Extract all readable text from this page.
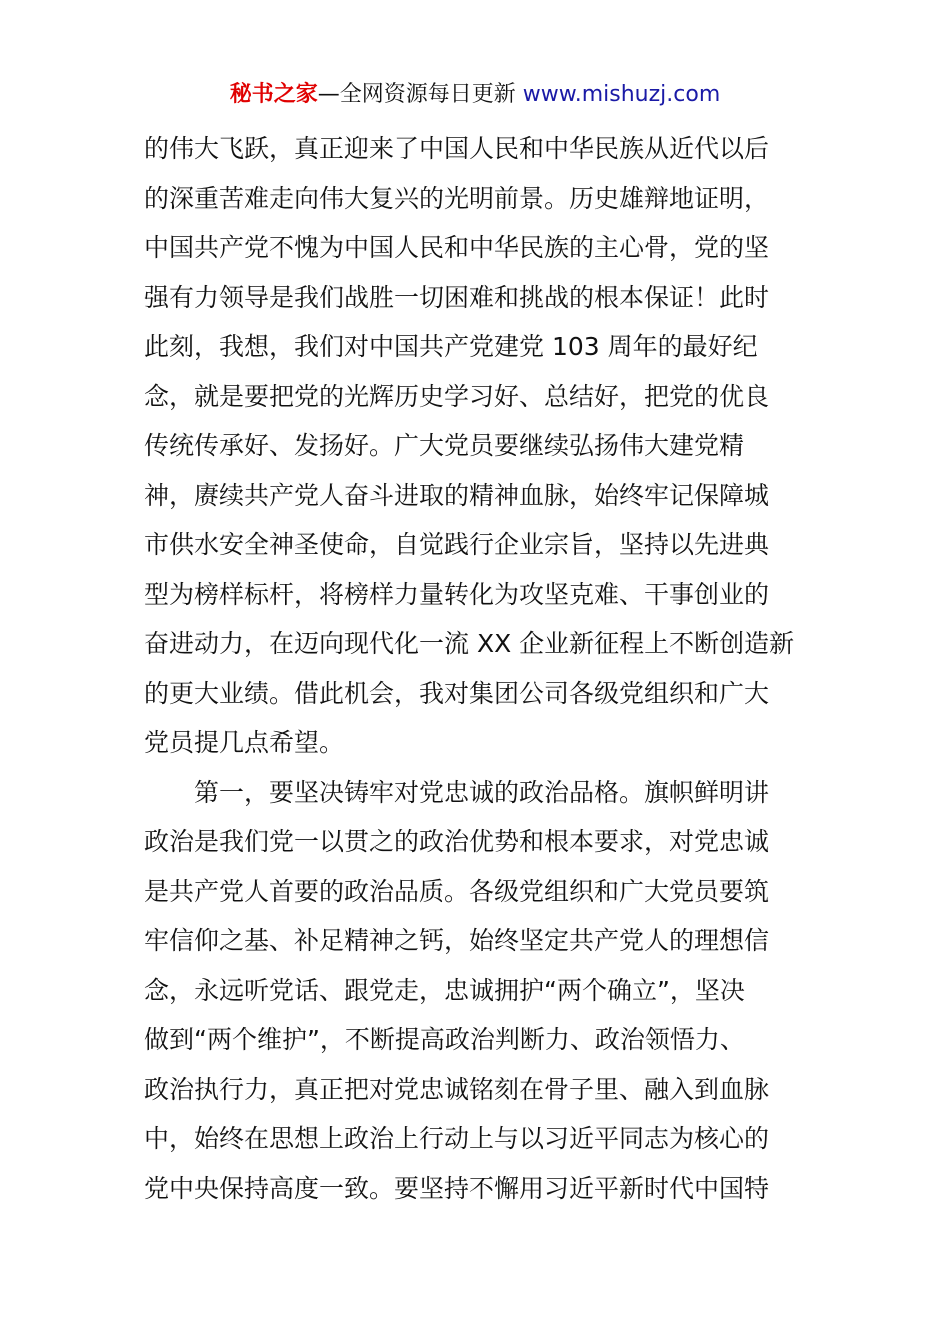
秘书之家—全网资源每日更新 www.mishuzj.com
的伟大飞跃，真正迎来了中国人民和中华民族从近代以后
的深重苦难走向伟大复兴的光明前景。历史雄辩地证明，
中国共产党不愧为中国人民和中华民族的主心骨，党的坚
强有力领导是我们战胜一切困难和挑战的根本保证！此时
此刻，我想，我们对中国共产党建党 103 周年的最好纪
念，就是要把党的光辉历史学习好、总结好，把党的优良
传统传承好、发扬好。广大党员要继续弘扬伟大建党精
神，赓续共产党人奋斗进取的精神血脉，始终牢记保障城
市供水安全神圣使命，自觉践行企业宗旨，坚持以先进典
型为榜样标杆，将榜样力量转化为攻坚克难、干事创业的
奋进动力，在迈向现代化一流 XX 企业新征程上不断创造新
的更大业绩。借此机会，我对集团公司各级党组织和广大
党员提几点希望。
第一，要坚决铸牢对党忠诚的政治品格。旗帜鲜明讲
政治是我们党一以贯之的政治优势和根本要求，对党忠诚
是共产党人首要的政治品质。各级党组织和广大党员要筑
牢信仰之基、补足精神之钙，始终坚定共产党人的理想信
念，永远听党话、跟党走，忠诚拥护“两个确立”，坚决
做到“两个维护”，不断提高政治判断力、政治领悟力、
政治执行力，真正把对党忠诚铭刻在骨子里、融入到血脉
中，始终在思想上政治上行动上与以习近平同志为核心的
党中央保持高度一致。要坚持不懈用习近平新时代中国特
